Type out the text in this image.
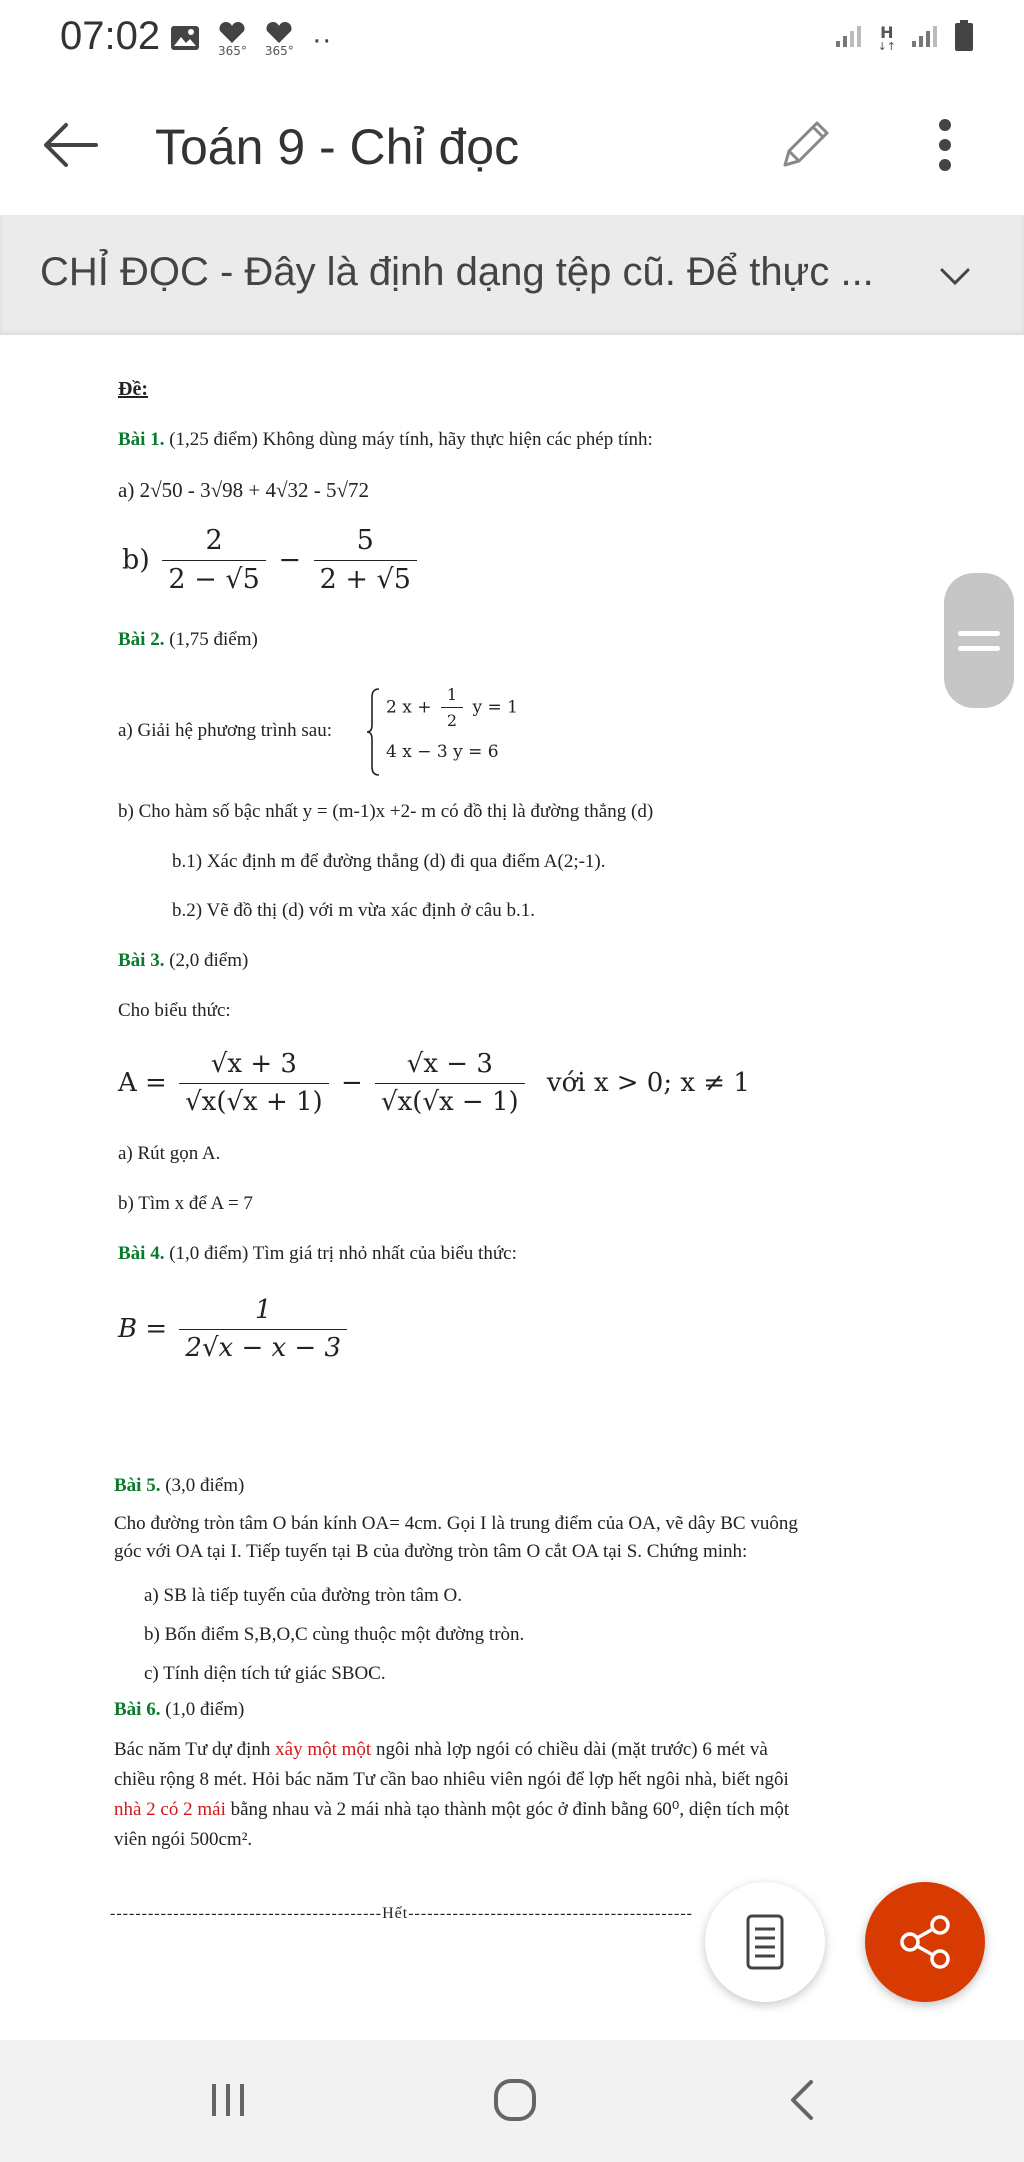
07:02	365° 365° ··	H
↓↑
Toán 9 - Chỉ đọc
CHỈ ĐỌC - Đây là định dạng tệp cũ. Để thực ...
Đề:
Bài 1. (1,25 điểm) Không dùng máy tính, hãy thực hiện các phép tính:
a) 2√50 - 3√98 + 4√32 - 5√72
$b) \frac{2}{2 - √5} - \frac{5}{2 + √5}$
Bài 2. (1,75 điểm)
a) Giải hệ phương trình sau:
2 $x + \frac{1}{2}$ y = 1
4 x − 3 y = 6
b) Cho hàm số bậc nhất y = (m-1)x +2- m có đồ thị là đường thẳng (d)
b.1) Xác định m để đường thẳng (d) đi qua điểm A(2;-1).
b.2) Vẽ đồ thị (d) với m vừa xác định ở câu b.1.
Bài 3. (2,0 điểm)
Cho biểu thức:
$A = \frac{√x + 3}{√x(√x + 1)} - \frac{√x - 3}{√x(√x - 1)}$ với x > 0; x ≠ 1
a) Rút gọn A.
b) Tìm x để A = 7
Bài 4. (1,0 điểm) Tìm giá trị nhỏ nhất của biểu thức:
$B = \frac{1}{2√x - x - 3}$
Bài 5. (3,0 điểm)
Cho đường tròn tâm O bán kính OA= 4cm. Gọi I là trung điểm của OA, vẽ dây BC vuông
góc với OA tại I. Tiếp tuyến tại B của đường tròn tâm O cắt OA tại S. Chứng minh:
a) SB là tiếp tuyến của đường tròn tâm O.
b) Bốn điểm S,B,O,C cùng thuộc một đường tròn.
c) Tính diện tích tứ giác SBOC.
Bài 6. (1,0 điểm)
Bác năm Tư dự định xây một một ngôi nhà lợp ngói có chiều dài (mặt trước) 6 mét và
chiều rộng 8 mét. Hỏi bác năm Tư cần bao nhiêu viên ngói để lợp hết ngôi nhà, biết ngôi
nhà 2 có 2 mái bằng nhau và 2 mái nhà tạo thành một góc ở đỉnh bằng 60⁰, diện tích một
viên ngói 500cm².
-------------------------------------------Hết---------------------------------------------
